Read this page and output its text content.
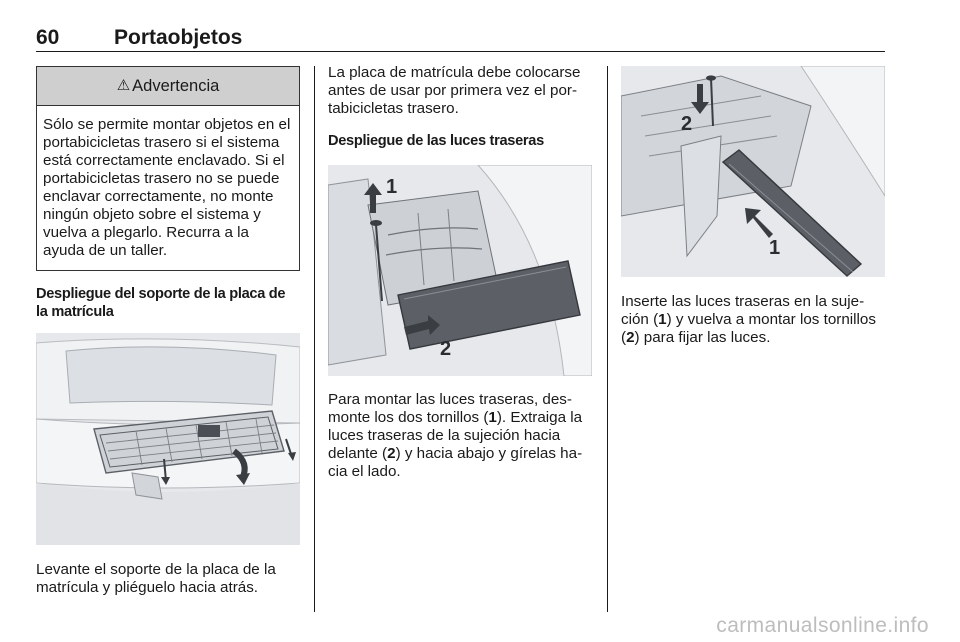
60	Portaobjetos
⚠ Advertencia
Sólo se permite montar objetos en el portabicicletas trasero si el sistema está correctamente enclavado. Si el portabicicletas trasero no se puede enclavar correctamente, no monte ningún objeto sobre el sistema y vuelva a plegarlo. Recurra a la ayuda de un taller.

Despliegue del soporte de la placa de la matrícula

Levante el soporte de la placa de la matrícula y pliéguelo hacia atrás.

La placa de matrícula debe colocarse antes de usar por primera vez el portabicicletas trasero.

Despliegue de las luces traseras

1
2

Para montar las luces traseras, desmonte los dos tornillos (1). Extraiga la luces traseras de la sujeción hacia delante (2) y hacia abajo y gírelas hacia el lado.

2
1

Inserte las luces traseras en la sujeción (1) y vuelva a montar los tornillos (2) para fijar las luces.

carmanualsonline.info
